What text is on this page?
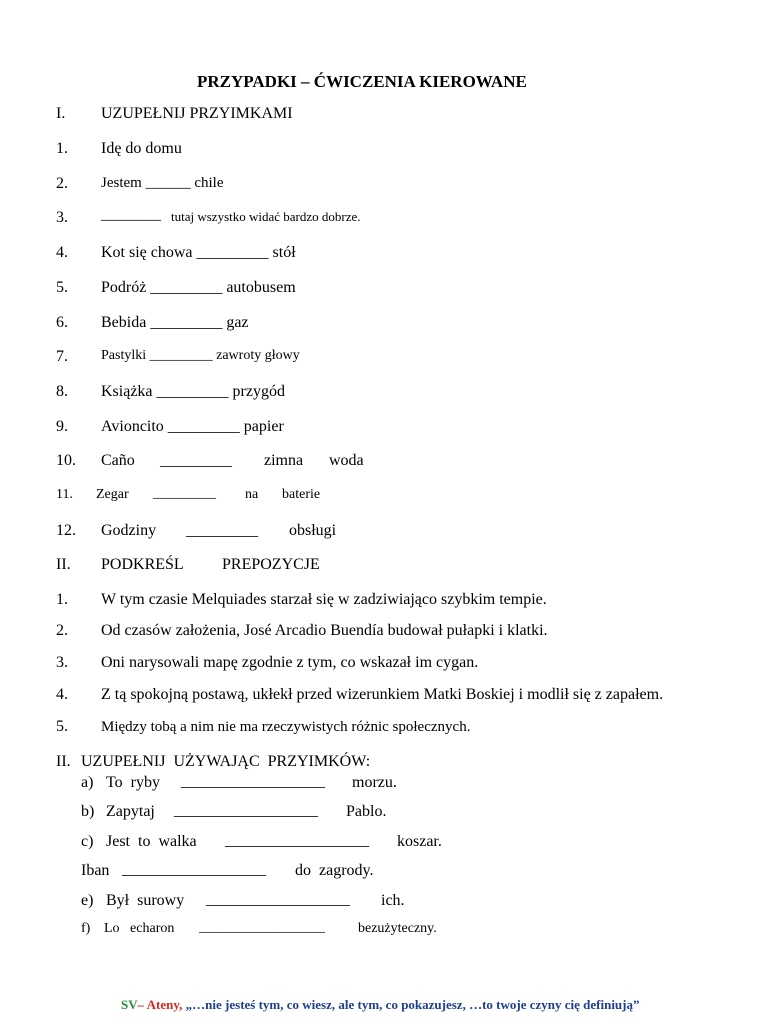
PRZYPADKI – ĆWICZENIA KIEROWANE
I. UZUPEŁNIJ PRZYIMKAMI
1. Idę do domu
2. Jestem ______ chile
3. ________ tutaj wszystko widać bardzo dobrze.
4. Kot się chowa _________ stół
5. Podróż _________ autobusem
6. Bebida _________ gaz
7. Pastylki _________ zawroty głowy
8. Książka _________ przygód
9. Avioncito _________ papier
10. Caño _________ zimna woda
11. Zegar _________ na baterie
12. Godziny _________ obsługi
II. PODKREŚL PREPOZYCJE
1. W tym czasie Melquiades starzał się w zadziwiająco szybkim tempie.
2. Od czasów założenia, José Arcadio Buendía budował pułapki i klatki.
3. Oni narysowali mapę zgodnie z tym, co wskazał im cygan.
4. Z tą spokojną postawą, ukłekł przed wizerunkiem Matki Boskiej i modlił się z zapałem.
5. Między tobą a nim nie ma rzeczywistych różnic społecznych.
II. UZUPEŁNIJ  UŻYWAJĄC  PRZYIMKÓW:
a) To  ryby __________________ morzu.
b) Zapytaj __________________ Pablo.
c) Jest  to  walka __________________ koszar.
Iban __________________ do  zagrody.
e) Był  surowy __________________ ich.
f) Lo   echaron __________________ bezużyteczny.
SV– Ateny, „…nie jesteś tym, co wiesz, ale tym, co pokazujesz, …to twoje czyny cię definiują”
